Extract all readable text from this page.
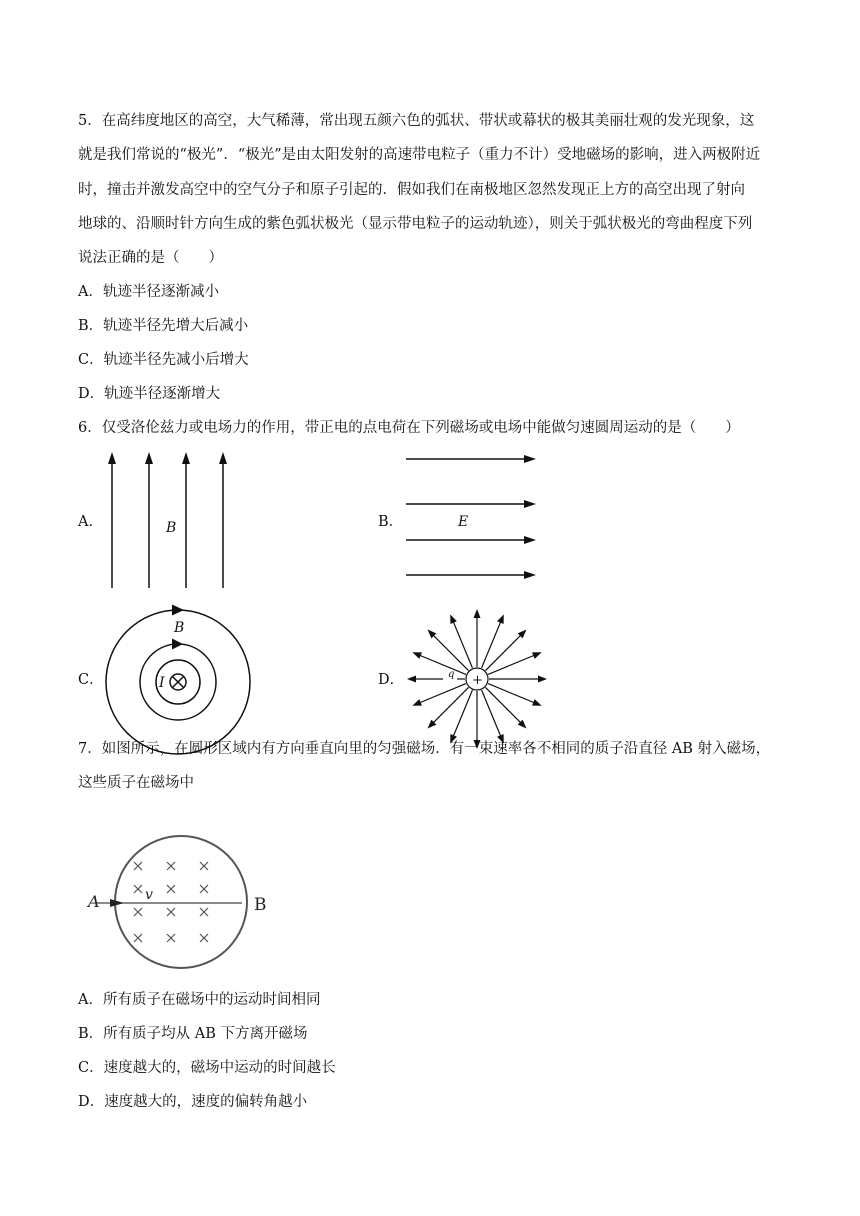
5．在高纬度地区的高空，大气稀薄，常出现五颜六色的弧状、带状或幕状的极其美丽壮观的发光现象，这
就是我们常说的“极光”．“极光”是由太阳发射的高速带电粒子（重力不计）受地磁场的影响，进入两极附近
时，撞击并激发高空中的空气分子和原子引起的．假如我们在南极地区忽然发现正上方的高空出现了射向
地球的、沿顺时针方向生成的紫色弧状极光（显示带电粒子的运动轨迹），则关于弧状极光的弯曲程度下列
说法正确的是（　　）
A．轨迹半径逐渐减小
B．轨迹半径先增大后减小
C．轨迹半径先减小后增大
D．轨迹半径逐渐增大
6．仅受洛伦兹力或电场力的作用，带正电的点电荷在下列磁场或电场中能做匀速圆周运动的是（　　）
A．	B．
C．	D．
B	E
B
I	+
q
7．如图所示，在圆形区域内有方向垂直向里的匀强磁场．有一束速率各不相同的质子沿直径 AB 射入磁场，
这些质子在磁场中
A	B
v
A．所有质子在磁场中的运动时间相同
B．所有质子均从 AB 下方离开磁场
C．速度越大的，磁场中运动的时间越长
D．速度越大的，速度的偏转角越小
